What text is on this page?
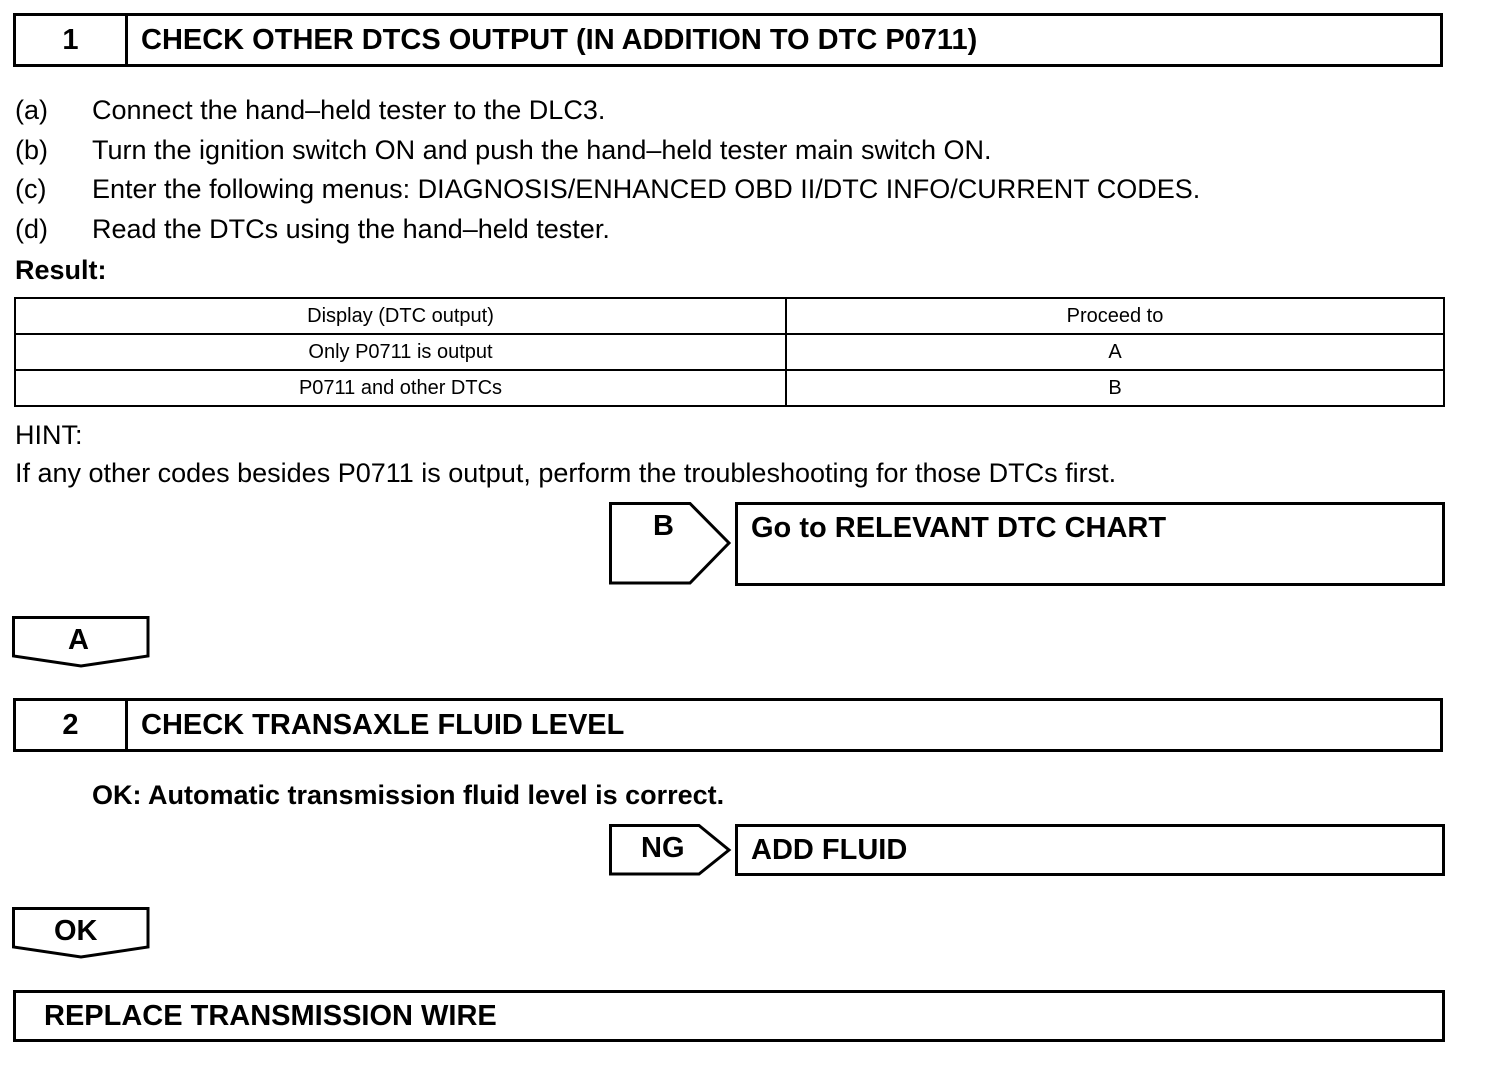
1	CHECK OTHER DTCS OUTPUT (IN ADDITION TO DTC P0711)
(a) Connect the hand–held tester to the DLC3.
(b) Turn the ignition switch ON and push the hand–held tester main switch ON.
(c) Enter the following menus: DIAGNOSIS/ENHANCED OBD II/DTC INFO/CURRENT CODES.
(d) Read the DTCs using the hand–held tester.
Result:
Display (DTC output)	Proceed to
Only P0711 is output	A
P0711 and other DTCs	B
HINT:
If any other codes besides P0711 is output, perform the troubleshooting for those DTCs first.
B	Go to RELEVANT DTC CHART
A
2	CHECK TRANSAXLE FLUID LEVEL
OK: Automatic transmission fluid level is correct.
NG	ADD FLUID
OK
REPLACE TRANSMISSION WIRE
